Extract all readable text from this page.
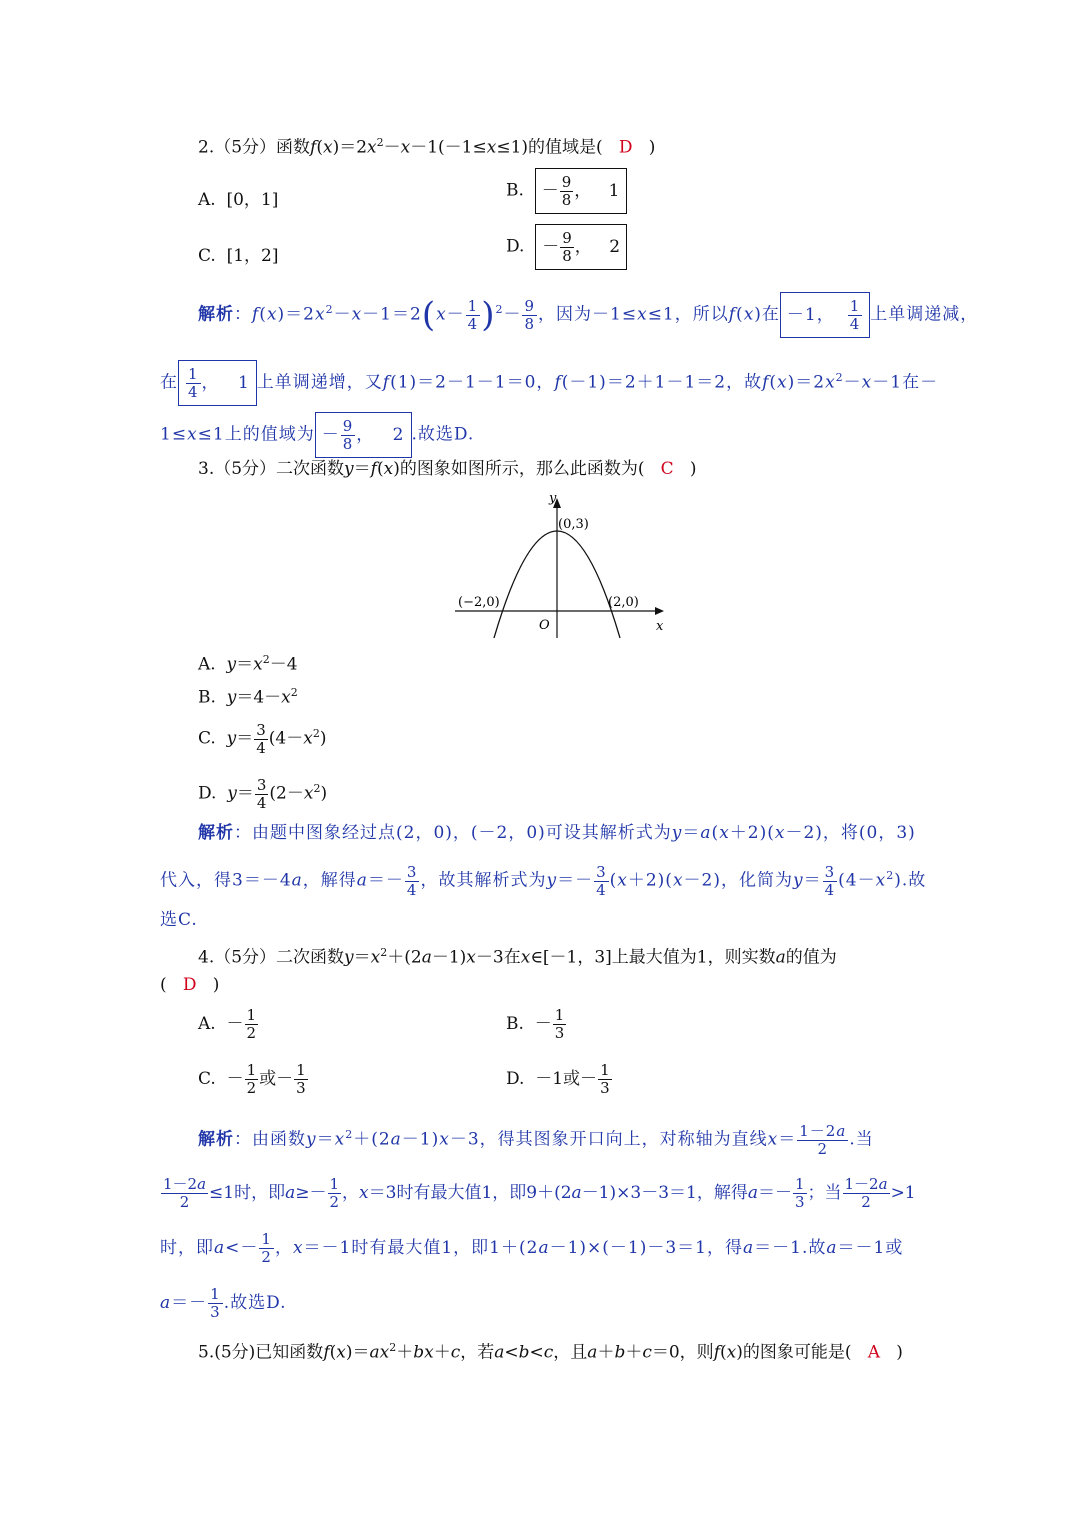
2.（5分）函数$f(x)=2x^2-x-1(-1\le x\le 1)$的值域是(   D   )
A.  [0，1]	B.  － $\frac{9}{8}$ ， 1
C.  [1，2]	D.  － $\frac{9}{8}$ ， 2
解析：$f(x)=2x^2-x-1=2(x- \frac{1}{4} )^2- \frac{9}{8}$ ，因为－1≤x≤1，所以f(x)在 －1， $\frac{1}{4}$ 上单调递减，
在 $\frac{1}{4}$ ， 1 上单调递增，又f(1)＝2－1－1＝0，f(－1)＝2＋1－1＝2，故$f(x)=2x^2-x-1$在－
1≤x≤1上的值域为 － $\frac{9}{8}$ ， 2 .故选D.
3.（5分）二次函数y＝f(x)的图象如图所示，那么此函数为(   C   )
y
x
O
(0,3)
(−2,0)	(2,0)
A.  $y=x^2-4$
B.  $y=4-x^2$
C.  $y= \frac{3}{4} (4-x^2)$
D.  $y= \frac{3}{4} (2-x^2)$
解析：由题中图象经过点(2，0)，(－2，0)可设其解析式为y＝a(x＋2)(x－2)，将(0，3)
代入，得3＝－4a，解得$a=- \frac{3}{4}$ ，故其解析式为$y=- \frac{3}{4} (x+2)(x-2)$，化简为$y= \frac{3}{4} (4-x^2)$.故
选C.
4.（5分）二次函数$y=x^2+(2a-1)x-3$在x∈[－1，3]上最大值为1，则实数a的值为
(   D   )
A.  － $\frac{1}{2}$	B.  － $\frac{1}{3}$
C.  － $\frac{1}{2}$ 或－ $\frac{1}{3}$	D.  －1或－ $\frac{1}{3}$
解析：由函数$y=x^2+(2a-1)x-3$，得其图象开口向上，对称轴为直线$x= \frac{1-2a}{2}$ .当
$\frac{1-2a}{2} \le 1$时，即$a\ge- \frac{1}{2}$ ，x＝3时有最大值1，即9＋(2a－1)×3－3＝1，解得$a=- \frac{1}{3}$ ；当 $\frac{1-2a}{2} >1$
时，即$a<- \frac{1}{2}$ ，x＝－1时有最大值1，即1＋(2a－1)×(－1)－3＝1，得a＝－1.故a＝－1或
$a=- \frac{1}{3}$ .故选D.
5.(5分)已知函数$f(x)=ax^2+bx+c$，若a<b<c，且a＋b＋c＝0，则f(x)的图象可能是(   A   )
